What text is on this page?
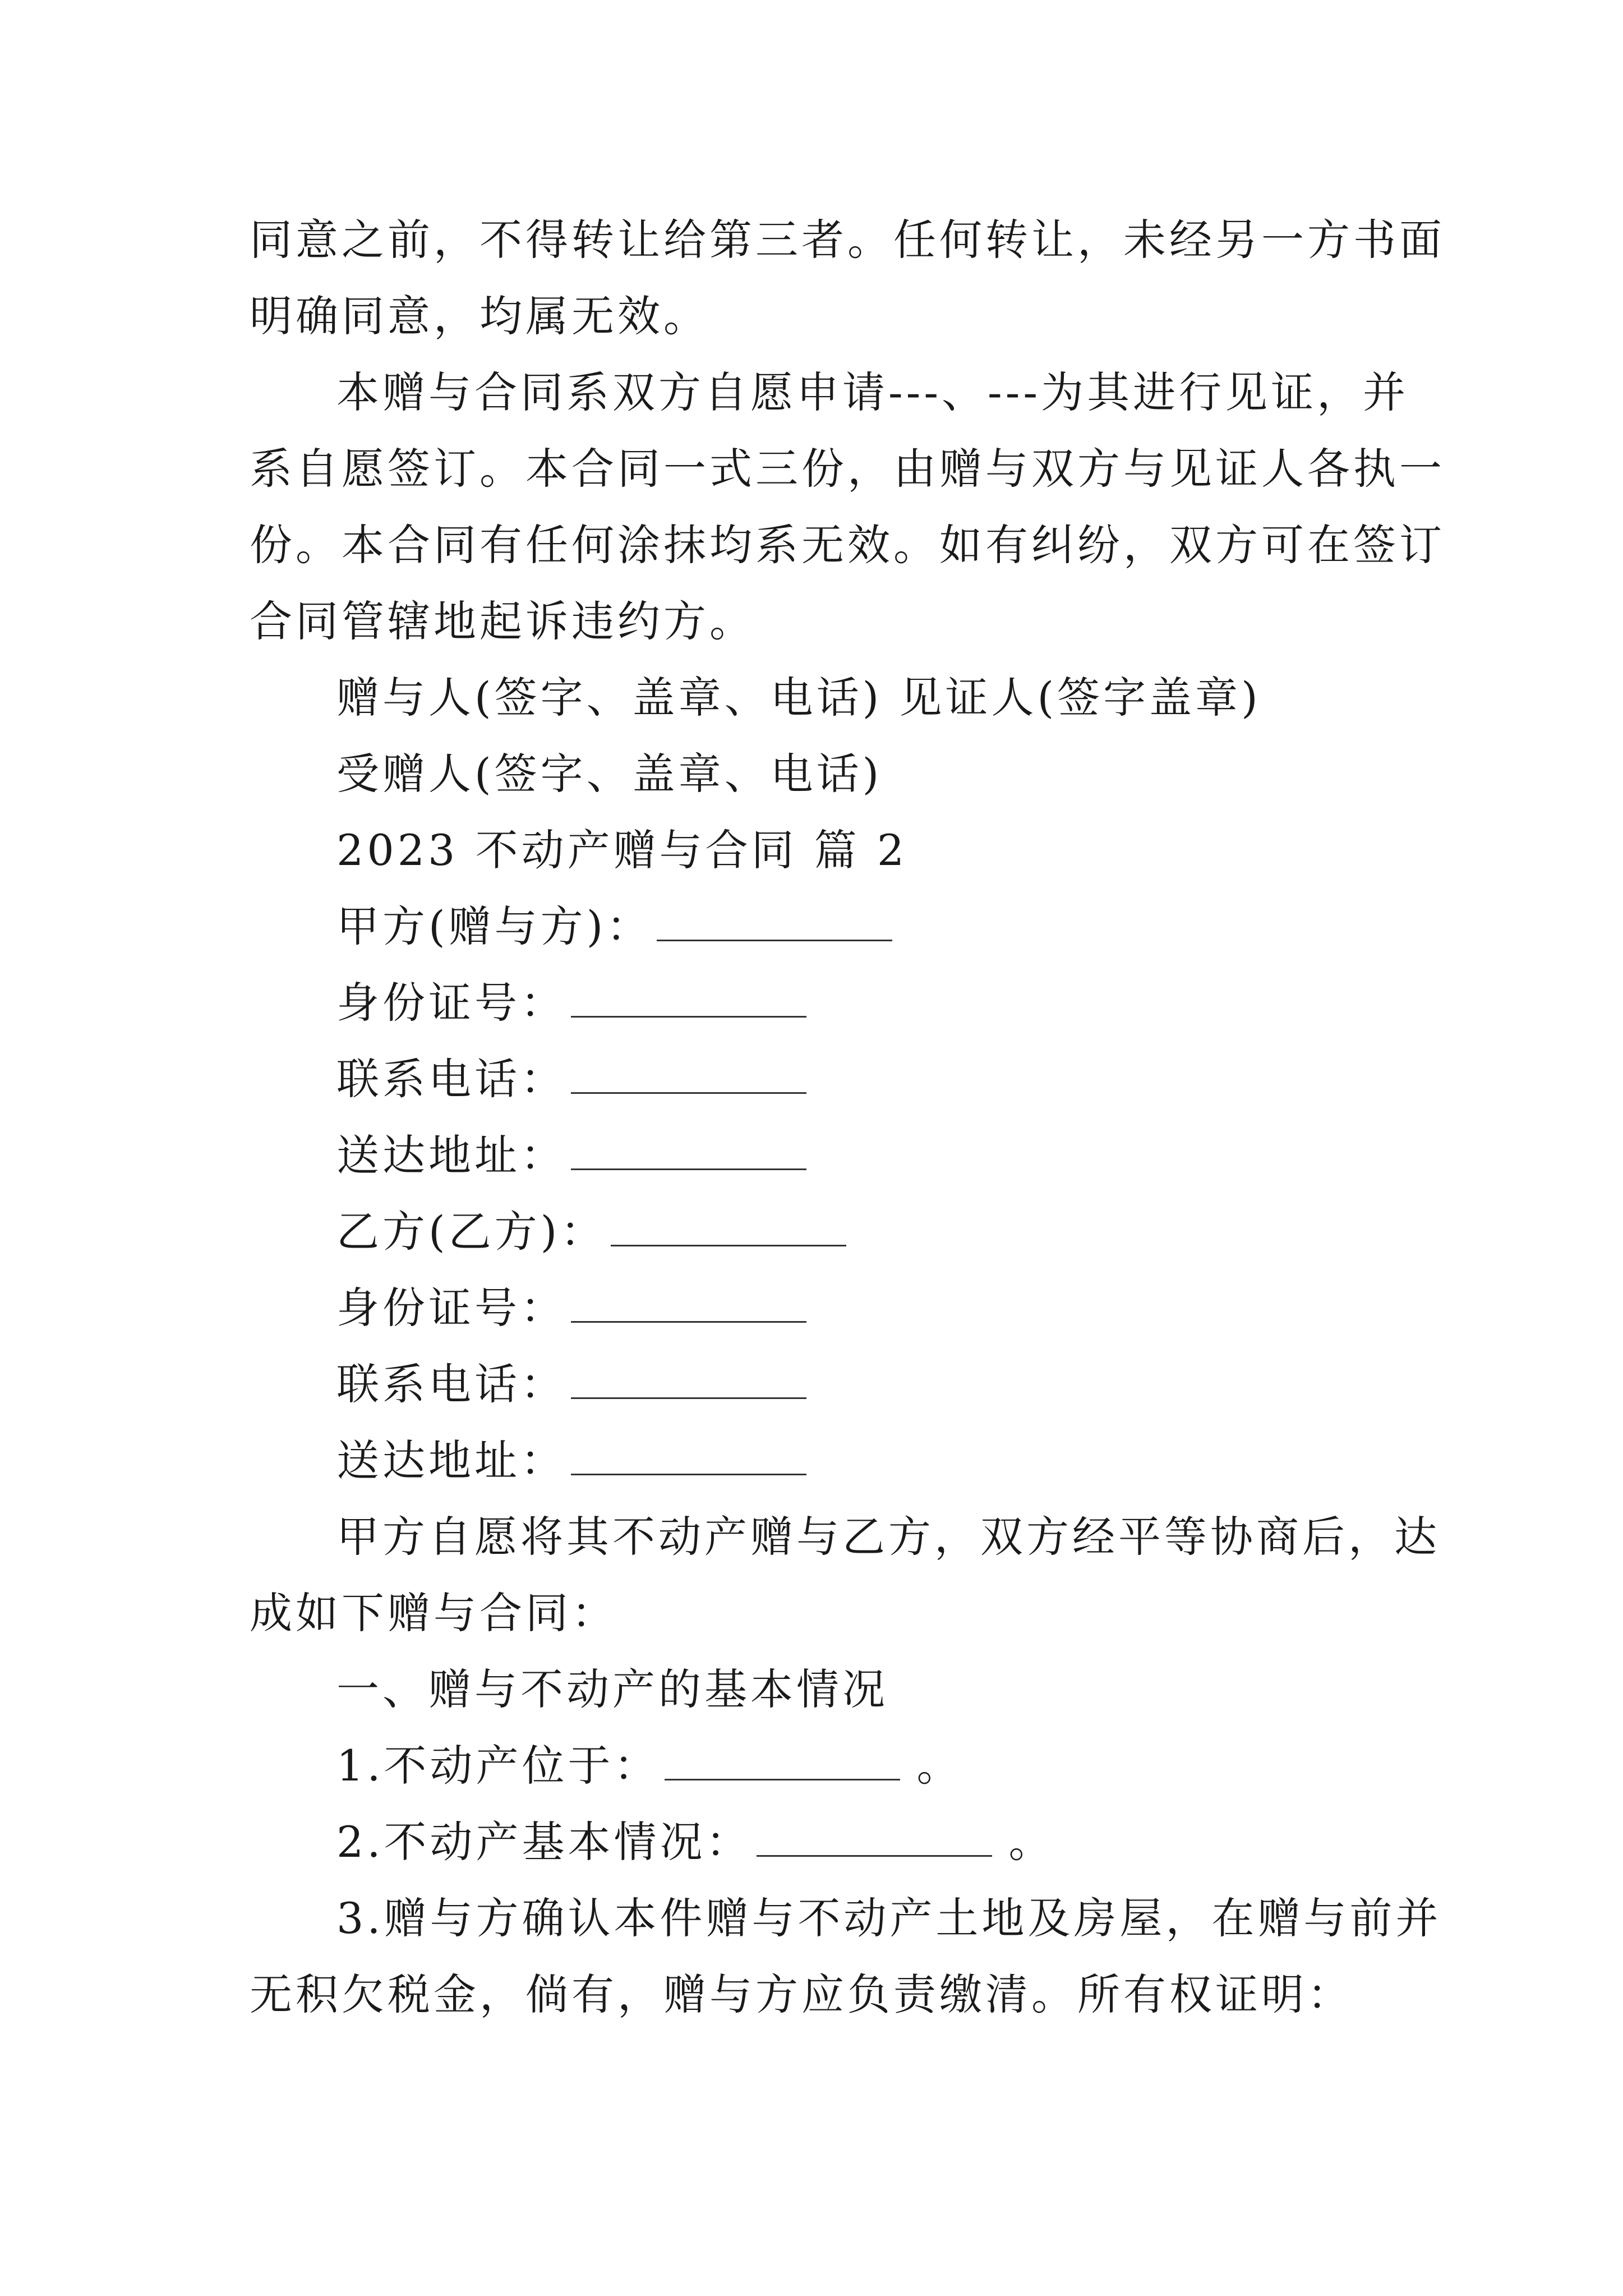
同意之前，不得转让给第三者。任何转让，未经另一方书面
明确同意，均属无效。
本赠与合同系双方自愿申请---、---为其进行见证，并
系自愿签订。本合同一式三份，由赠与双方与见证人各执一
份。本合同有任何涂抹均系无效。如有纠纷，双方可在签订
合同管辖地起诉违约方。
赠与人(签字、盖章、电话) 见证人(签字盖章)
受赠人(签字、盖章、电话)
2023 不动产赠与合同 篇 2
甲方(赠与方)：
身份证号：
联系电话：
送达地址：
乙方(乙方)：
身份证号：
联系电话：
送达地址：
甲方自愿将其不动产赠与乙方，双方经平等协商后，达
成如下赠与合同：
一、赠与不动产的基本情况
1.不动产位于：	。
2.不动产基本情况：	。
3.赠与方确认本件赠与不动产土地及房屋，在赠与前并
无积欠税金，倘有，赠与方应负责缴清。所有权证明：
